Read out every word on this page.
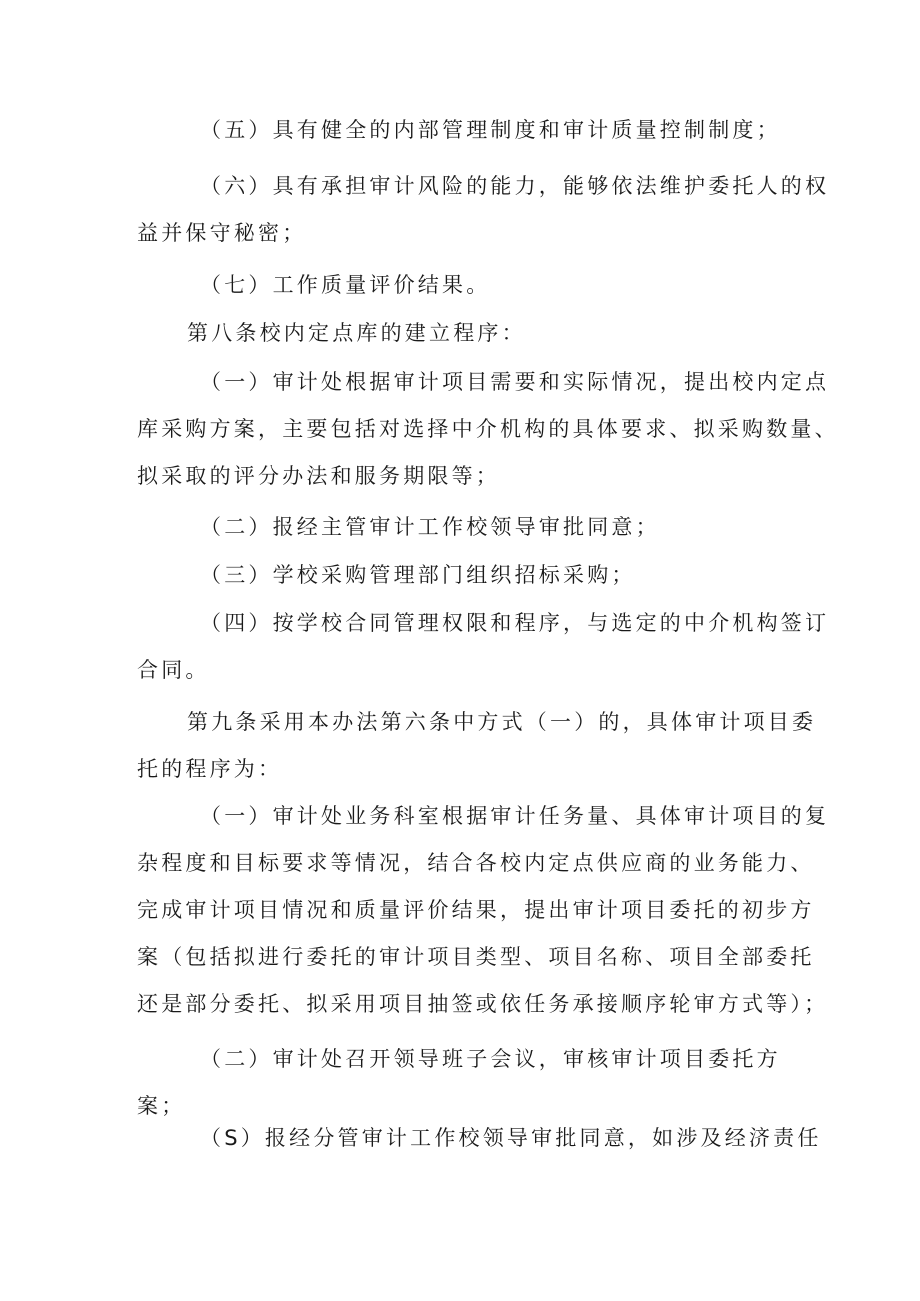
（五）具有健全的内部管理制度和审计质量控制制度；

（六）具有承担审计风险的能力，能够依法维护委托人的权
益并保守秘密；

（七）工作质量评价结果。

第八条校内定点库的建立程序：

（一）审计处根据审计项目需要和实际情况，提出校内定点
库采购方案，主要包括对选择中介机构的具体要求、拟采购数量、
拟采取的评分办法和服务期限等；

（二）报经主管审计工作校领导审批同意；

（三）学校采购管理部门组织招标采购；

（四）按学校合同管理权限和程序，与选定的中介机构签订
合同。

第九条采用本办法第六条中方式（一）的，具体审计项目委
托的程序为：

（一）审计处业务科室根据审计任务量、具体审计项目的复
杂程度和目标要求等情况，结合各校内定点供应商的业务能力、
完成审计项目情况和质量评价结果，提出审计项目委托的初步方
案（包括拟进行委托的审计项目类型、项目名称、项目全部委托
还是部分委托、拟采用项目抽签或依任务承接顺序轮审方式等）；

（二）审计处召开领导班子会议，审核审计项目委托方
案；

（S）报经分管审计工作校领导审批同意，如涉及经济责任
